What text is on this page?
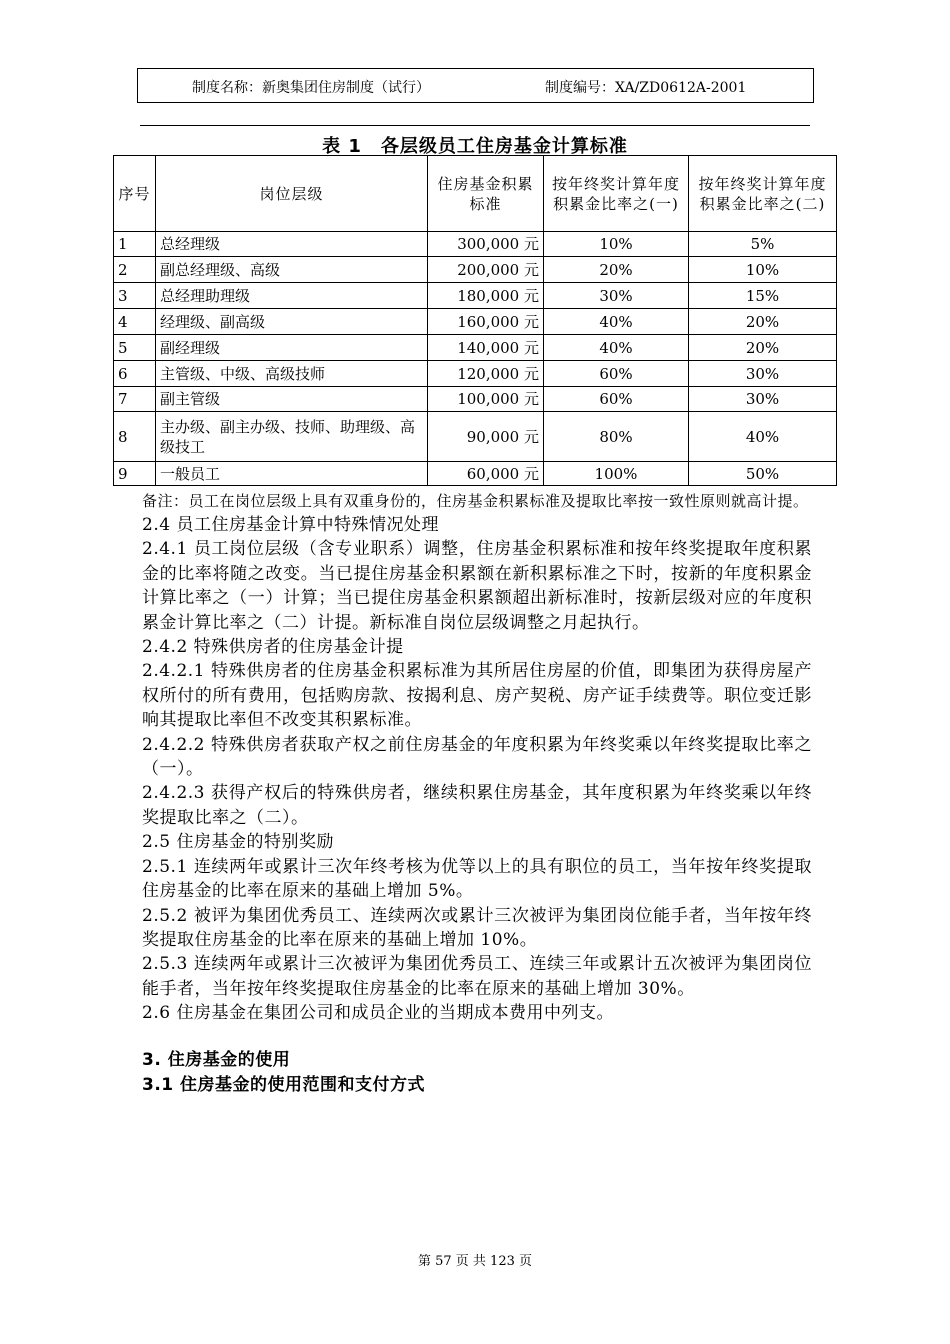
制度名称：新奥集团住房制度（试行）	制度编号：XA/ZD0612A-2001
表 1　各层级员工住房基金计算标准
序号	岗位层级	住房基金积累标准	按年终奖计算年度积累金比率之(一)	按年终奖计算年度积累金比率之(二)
1	总经理级	300,000 元	10%	5%
2	副总经理级、高级	200,000 元	20%	10%
3	总经理助理级	180,000 元	30%	15%
4	经理级、副高级	160,000 元	40%	20%
5	副经理级	140,000 元	40%	20%
6	主管级、中级、高级技师	120,000 元	60%	30%
7	副主管级	100,000 元	60%	30%
8	主办级、副主办级、技师、助理级、高级技工	90,000 元	80%	40%
9	一般员工	60,000 元	100%	50%

备注：员工在岗位层级上具有双重身份的，住房基金积累标准及提取比率按一致性原则就高计提。

2.4 员工住房基金计算中特殊情况处理

2.4.1 员工岗位层级（含专业职系）调整，住房基金积累标准和按年终奖提取年度积累金的比率将随之改变。当已提住房基金积累额在新积累标准之下时，按新的年度积累金计算比率之（一）计算；当已提住房基金积累额超出新标准时，按新层级对应的年度积累金计算比率之（二）计提。新标准自岗位层级调整之月起执行。

2.4.2 特殊供房者的住房基金计提

2.4.2.1 特殊供房者的住房基金积累标准为其所居住房屋的价值，即集团为获得房屋产权所付的所有费用，包括购房款、按揭利息、房产契税、房产证手续费等。职位变迁影响其提取比率但不改变其积累标准。

2.4.2.2 特殊供房者获取产权之前住房基金的年度积累为年终奖乘以年终奖提取比率之（一）。

2.4.2.3 获得产权后的特殊供房者，继续积累住房基金，其年度积累为年终奖乘以年终奖提取比率之（二）。

2.5 住房基金的特别奖励

2.5.1 连续两年或累计三次年终考核为优等以上的具有职位的员工，当年按年终奖提取住房基金的比率在原来的基础上增加 5%。

2.5.2 被评为集团优秀员工、连续两次或累计三次被评为集团岗位能手者，当年按年终奖提取住房基金的比率在原来的基础上增加 10%。

2.5.3 连续两年或累计三次被评为集团优秀员工、连续三年或累计五次被评为集团岗位能手者，当年按年终奖提取住房基金的比率在原来的基础上增加 30%。

2.6 住房基金在集团公司和成员企业的当期成本费用中列支。

3. 住房基金的使用

3.1 住房基金的使用范围和支付方式

第 57 页 共 123 页
